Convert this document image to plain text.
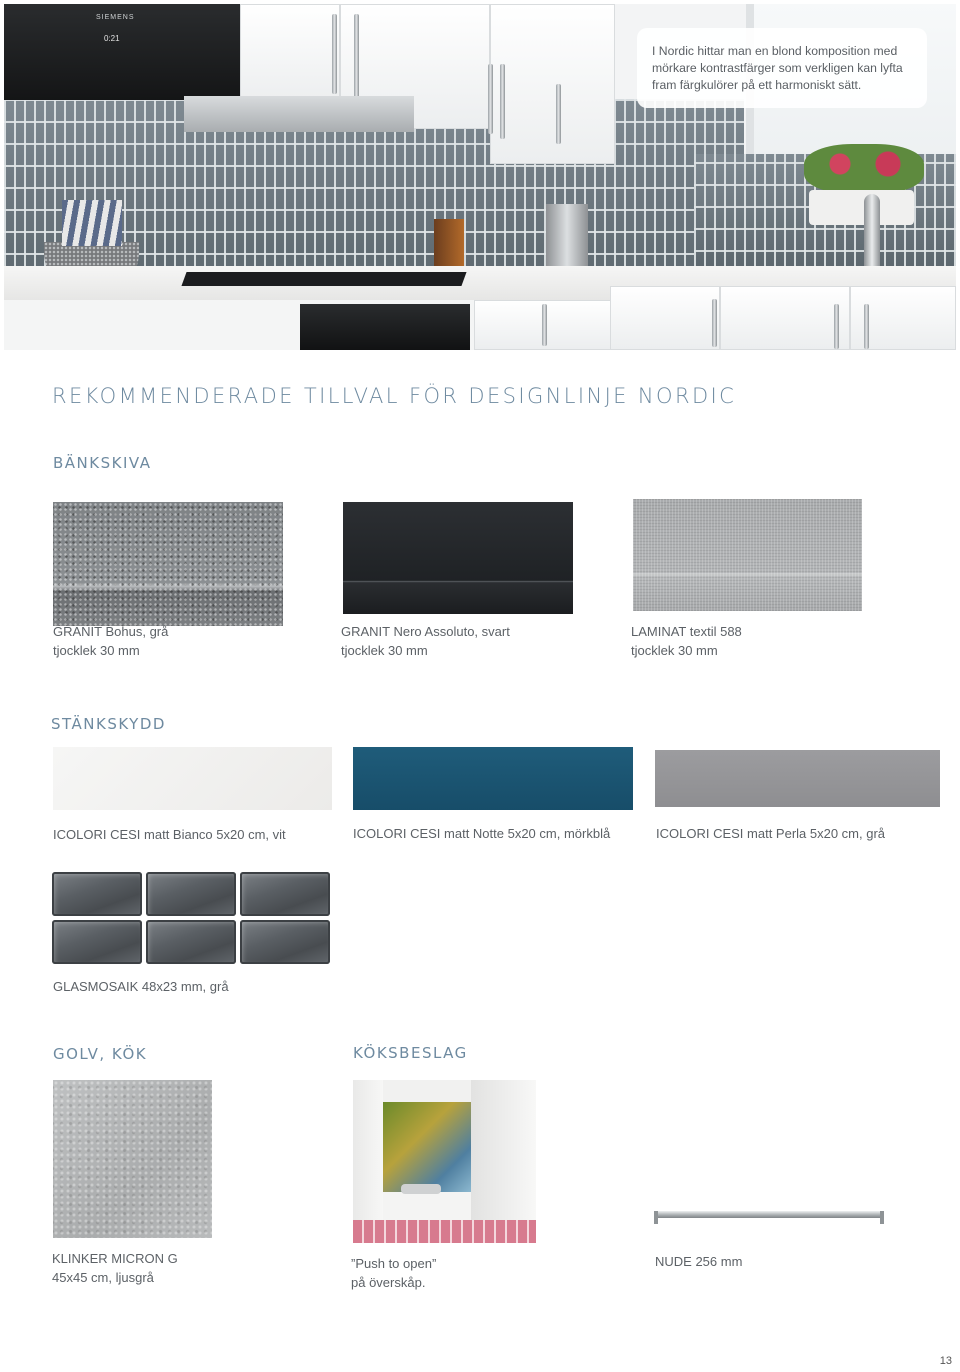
SIEMENS
0:21
I Nordic hittar man en blond komposition med
mörkare kontrastfärger som verkligen kan lyfta
fram färgkulörer på ett harmoniskt sätt.
REKOMMENDERADE TILLVAL FÖR DESIGNLINJE NORDIC
BÄNKSKIVA
GRANIT Bohus, grå
tjocklek 30 mm
GRANIT Nero Assoluto, svart
tjocklek 30 mm
LAMINAT textil 588
tjocklek 30 mm
STÄNKSKYDD
ICOLORI CESI matt Bianco 5x20 cm, vit	ICOLORI CESI matt Notte 5x20 cm, mörkblå	ICOLORI CESI matt Perla 5x20 cm, grå
GLASMOSAIK 48x23 mm, grå
GOLV, KÖK
KLINKER MICRON G
45x45 cm, ljusgrå
KÖKSBESLAG
”Push to open”
på överskåp.
NUDE 256 mm
13
